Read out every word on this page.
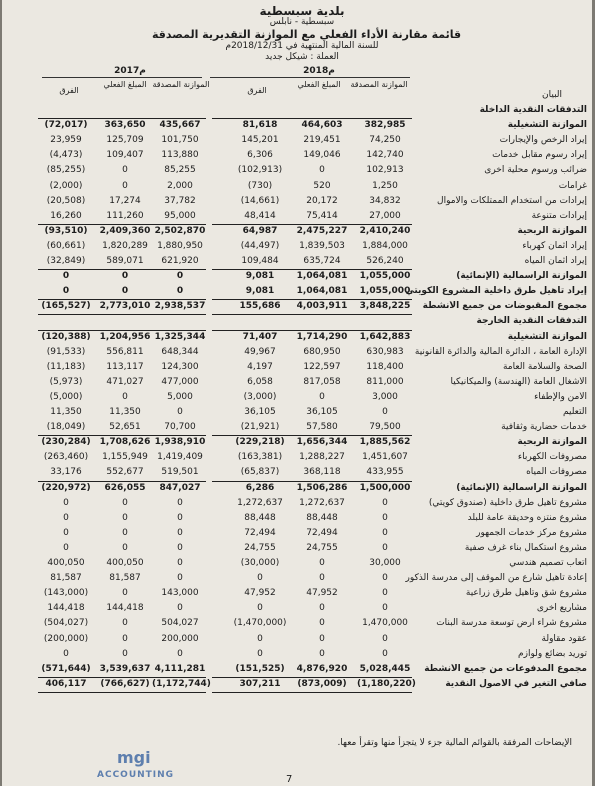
بلدية سبسطية
سبسطية - نابلس
قائمة مقارنة الأداء الفعلي مع الموازنة التقديرية المصدقة
للسنة المالية المنتهية في 2018/12/31م
العملة : شيكل جديد
2018م
2017م
الموازنة المصدقة
المبلغ الفعلي
الفرق
الموازنة المصدقة
المبلغ الفعلي
الفرق	البيان
التدفقات النقدية الداخلة
الموازنة التشغيلية
382,985
464,603
81,618
435,667
363,650
(72,017)
إيراد الرخص والإيجارات
74,250
219,451
145,201
101,750
125,709
23,959
إيراد رسوم مقابل خدمات
142,740
149,046
6,306
113,880
109,407
(4,473)
ضرائب ورسوم محلية أخرى
102,913
0
(102,913)
85,255
0
(85,255)
غرامات
1,250
520
(730)
2,000
0
(2,000)
إيرادات من استخدام الممتلكات والأموال
34,832
20,172
(14,661)
37,782
17,274
(20,508)
إيرادات متنوعة
27,000
75,414
48,414
95,000
111,260
16,260
الموازنة الربحية
2,410,240
2,475,227
64,987
2,502,870
2,409,360
(93,510)
إيراد أثمان كهرباء
1,884,000
1,839,503
(44,497)
1,880,950
1,820,289
(60,661)
إيراد أثمان المياه
526,240
635,724
109,484
621,920
589,071
(32,849)
الموازنة الرأسمالية (الإنمائية)
1,055,000
1,064,081
9,081
0
0
0
إيراد تأهيل طرق داخلية المشروع الكويتي
1,055,000
1,064,081
9,081
0
0
0
مجموع المقبوضات من جميع الأنشطة
3,848,225
4,003,911
155,686
2,938,537
2,773,010
(165,527)
التدفقات النقدية الخارجة
الموازنة التشغيلية
1,642,883
1,714,290
71,407
1,325,344
1,204,956
(120,388)
الإدارة العامة ، الدائرة المالية والدائرة القانونية
630,983
680,950
49,967
648,344
556,811
(91,533)
الصحة والسلامة العامة
118,400
122,597
4,197
124,300
113,117
(11,183)
الأشغال العامة (الهندسة) والميكانيكيا
811,000
817,058
6,058
477,000
471,027
(5,973)
الأمن والإطفاء
3,000
0
(3,000)
5,000
0
(5,000)
التعليم
0
36,105
36,105
0
11,350
11,350
خدمات حضارية وثقافية
79,500
57,580
(21,921)
70,700
52,651
(18,049)
الموازنة الربحية
1,885,562
1,656,344
(229,218)
1,938,910
1,708,626
(230,284)
مصروفات الكهرباء
1,451,607
1,288,227
(163,381)
1,419,409
1,155,949
(263,460)
مصروفات المياه
433,955
368,118
(65,837)
519,501
552,677
33,176
الموازنة الرأسمالية (الإنمائية)
1,500,000
1,506,286
6,286
847,027
626,055
(220,972)
مشروع تأهيل طرق داخلية (صندوق كويتي)
0
1,272,637
1,272,637
0
0
0
مشروع منتزه وحديقة عامة للبلد
0
88,448
88,448
0
0
0
مشروع مركز خدمات الجمهور
0
72,494
72,494
0
0
0
مشروع استكمال بناء غرف صفية
0
24,755
24,755
0
0
0
أتعاب تصميم هندسي
30,000
0
(30,000)
0
400,050
400,050
إعادة تأهيل شارع من الموقف إلى مدرسة الذكور
0
0
0
0
81,587
81,587
مشروع شق وتأهيل طرق زراعية
0
47,952
47,952
143,000
0
(143,000)
مشاريع أخرى
0
0
0
0
144,418
144,418
مشروع شراء ارض توسعة مدرسة البنات
1,470,000
0
(1,470,000)
504,027
0
(504,027)
عقود مقاولة
0
0
0
200,000
0
(200,000)
توريد بضائع ولوازم
0
0
0
0
0
0
مجموع المدفوعات من جميع الأنشطة
5,028,445
4,876,920
(151,525)
4,111,281
3,539,637
(571,644)
صافي التغير في الأصول النقدية
(1,180,220)
(873,009)
307,211
(1,172,744)
(766,627)
406,117
الإيضاحات المرفقة بالقوائم المالية جزء لا يتجزأ منها وتقرأ معها.
mgi
ACCOUNTING	7
